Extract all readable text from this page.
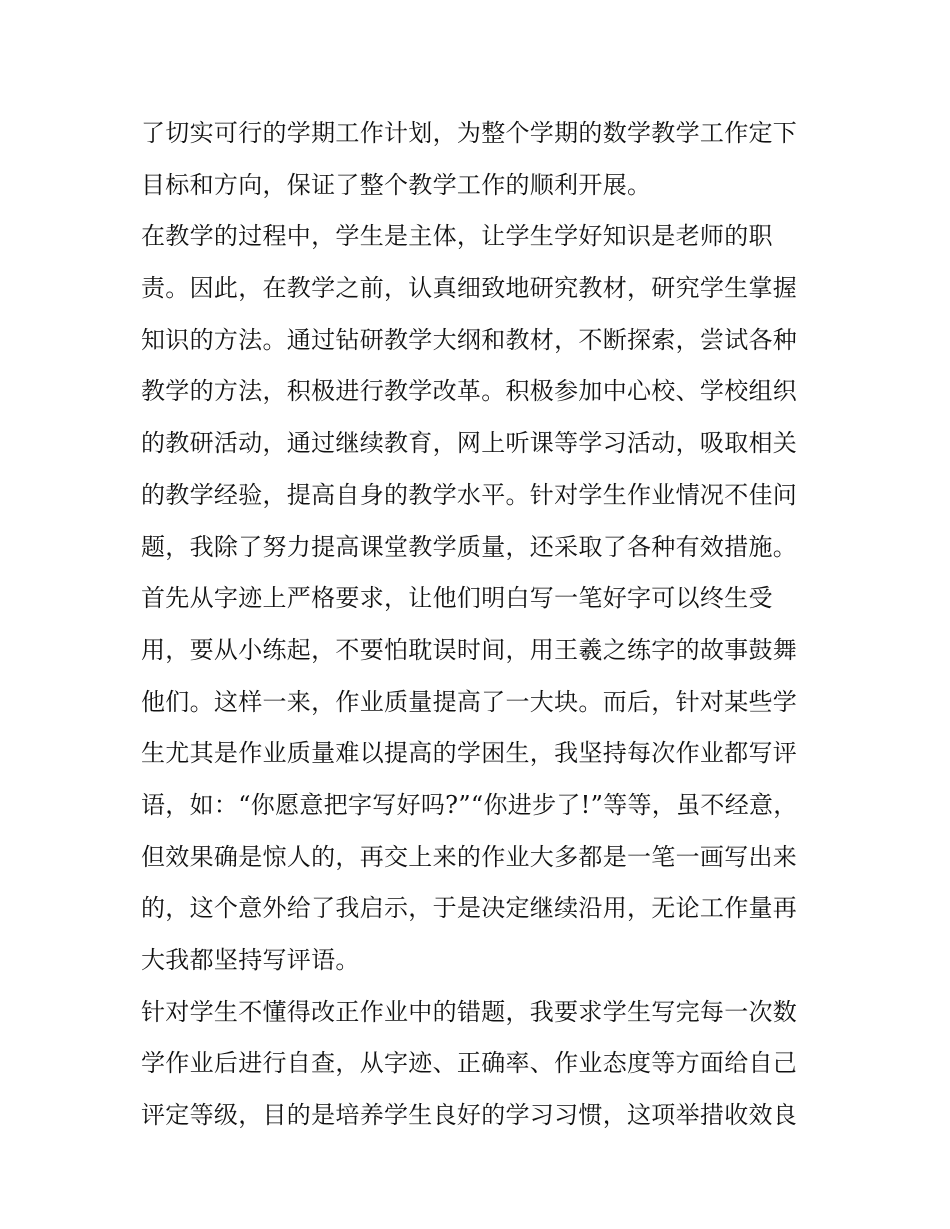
了切实可行的学期工作计划，为整个学期的数学教学工作定下
目标和方向，保证了整个教学工作的顺利开展。
在教学的过程中，学生是主体，让学生学好知识是老师的职
责。因此，在教学之前，认真细致地研究教材，研究学生掌握
知识的方法。通过钻研教学大纲和教材，不断探索，尝试各种
教学的方法，积极进行教学改革。积极参加中心校、学校组织
的教研活动，通过继续教育，网上听课等学习活动，吸取相关
的教学经验，提高自身的教学水平。针对学生作业情况不佳问
题，我除了努力提高课堂教学质量，还采取了各种有效措施。
首先从字迹上严格要求，让他们明白写一笔好字可以终生受
用，要从小练起，不要怕耽误时间，用王羲之练字的故事鼓舞
他们。这样一来，作业质量提高了一大块。而后，针对某些学
生尤其是作业质量难以提高的学困生，我坚持每次作业都写评
语，如：“你愿意把字写好吗?”“你进步了!”等等，虽不经意，
但效果确是惊人的，再交上来的作业大多都是一笔一画写出来
的，这个意外给了我启示，于是决定继续沿用，无论工作量再
大我都坚持写评语。
针对学生不懂得改正作业中的错题，我要求学生写完每一次数
学作业后进行自查，从字迹、正确率、作业态度等方面给自己
评定等级，目的是培养学生良好的学习习惯，这项举措收效良
